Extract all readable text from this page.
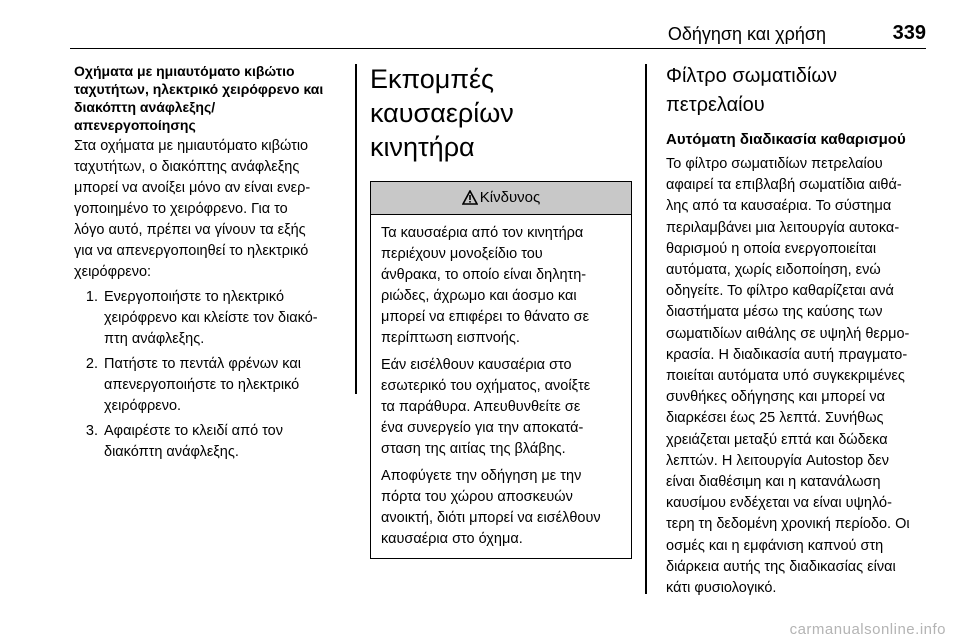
Οδήγηση και χρήση	339
Οχήματα με ημιαυτόματο κιβώτιο
ταχυτήτων, ηλεκτρικό χειρόφρενο και
διακόπτη ανάφλεξης/
απενεργοποίησης
Στα οχήματα με ημιαυτόματο κιβώτιο
ταχυτήτων, ο διακόπτης ανάφλεξης
μπορεί να ανοίξει μόνο αν είναι ενερ-
γοποιημένο το χειρόφρενο. Για το
λόγο αυτό, πρέπει να γίνουν τα εξής
για να απενεργοποιηθεί το ηλεκτρικό
χειρόφρενο:
1. Ενεργοποιήστε το ηλεκτρικό
χειρόφρενο και κλείστε τον διακό-
πτη ανάφλεξης.
2. Πατήστε το πεντάλ φρένων και
απενεργοποιήστε το ηλεκτρικό
χειρόφρενο.
3. Αφαιρέστε το κλειδί από τον
διακόπτη ανάφλεξης.
Εκπομπές καυσαερίων
κινητήρα
Κίνδυνος

Τα καυσαέρια από τον κινητήρα
περιέχουν μονοξείδιο του
άνθρακα, το οποίο είναι δηλητη-
ριώδες, άχρωμο και άοσμο και
μπορεί να επιφέρει το θάνατο σε
περίπτωση εισπνοής.

Εάν εισέλθουν καυσαέρια στο
εσωτερικό του οχήματος, ανοίξτε
τα παράθυρα. Απευθυνθείτε σε
ένα συνεργείο για την αποκατά-
σταση της αιτίας της βλάβης.

Αποφύγετε την οδήγηση με την
πόρτα του χώρου αποσκευών
ανοικτή, διότι μπορεί να εισέλθουν
καυσαέρια στο όχημα.

Φίλτρο σωματιδίων
πετρελαίου
Αυτόματη διαδικασία καθαρισμού
Το φίλτρο σωματιδίων πετρελαίου
αφαιρεί τα επιβλαβή σωματίδια αιθά-
λης από τα καυσαέρια. Το σύστημα
περιλαμβάνει μια λειτουργία αυτοκα-
θαρισμού η οποία ενεργοποιείται
αυτόματα, χωρίς ειδοποίηση, ενώ
οδηγείτε. Το φίλτρο καθαρίζεται ανά
διαστήματα μέσω της καύσης των
σωματιδίων αιθάλης σε υψηλή θερμο-
κρασία. Η διαδικασία αυτή πραγματο-
ποιείται αυτόματα υπό συγκεκριμένες
συνθήκες οδήγησης και μπορεί να
διαρκέσει έως 25 λεπτά. Συνήθως
χρειάζεται μεταξύ επτά και δώδεκα
λεπτών. Η λειτουργία Autostop δεν
είναι διαθέσιμη και η κατανάλωση
καυσίμου ενδέχεται να είναι υψηλό-
τερη τη δεδομένη χρονική περίοδο. Οι
οσμές και η εμφάνιση καπνού στη
διάρκεια αυτής της διαδικασίας είναι
κάτι φυσιολογικό.
carmanualsonline.info
